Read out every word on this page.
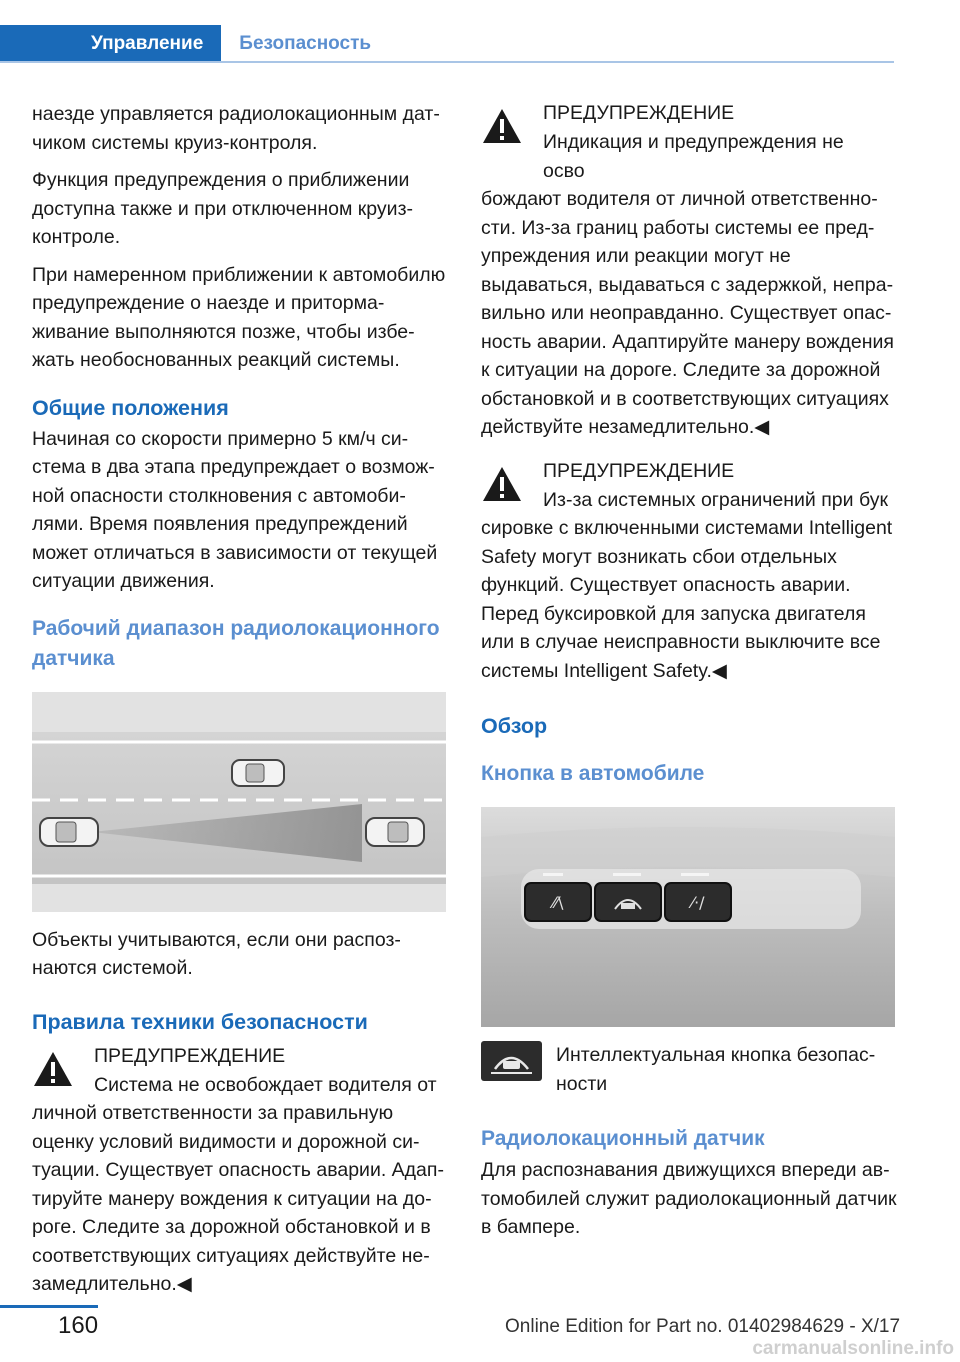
Управление	Безопасность

наезде управляется радиолокационным датчиком системы круиз-контроля.

Функция предупреждения о приближении доступна также и при отключенном круиз-контроле.

При намеренном приближении к автомобилю предупреждение о наезде и притормаживание выполняются позже, чтобы избежать необоснованных реакций системы.

Общие положения

Начиная со скорости примерно 5 км/ч система в два этапа предупреждает о возможной опасности столкновения с автомобилями. Время появления предупреждений может отличаться в зависимости от текущей ситуации движения.

Рабочий диапазон радиолокационного датчика

Объекты учитываются, если они распознаются системой.

Правила техники безопасности

ПРЕДУПРЕЖДЕНИЕ

Система не освобождает водителя от

личной ответственности за правильную оценку условий видимости и дорожной ситуации. Существует опасность аварии. Адаптируйте манеру вождения к ситуации на дороге. Следите за дорожной обстановкой и в соответствующих ситуациях действуйте незамедлительно.◀

ПРЕДУПРЕЖДЕНИЕ

Индикация и предупреждения не осво

бождают водителя от личной ответственности. Из-за границ работы системы ее предупреждения или реакции могут не выдаваться, выдаваться с задержкой, неправильно или неоправданно. Существует опасность аварии. Адаптируйте манеру вождения к ситуации на дороге. Следите за дорожной обстановкой и в соответствующих ситуациях действуйте незамедлительно.◀

ПРЕДУПРЕЖДЕНИЕ

Из-за системных ограничений при бук

сировке с включенными системами Intelligent Safety могут возникать сбои отдельных функций. Существует опасность аварии. Перед буксировкой для запуска двигателя или в случае неисправности выключите все системы Intelligent Safety.◀

Обзор
Кнопка в автомобиле
⁄⁄\	⁄·/
Интеллектуальная кнопка безопасности
Радиолокационный датчик

Для распознавания движущихся впереди автомобилей служит радиолокационный датчик в бампере.

160	Online Edition for Part no. 01402984629 - X/17
carmanualsonline.info
